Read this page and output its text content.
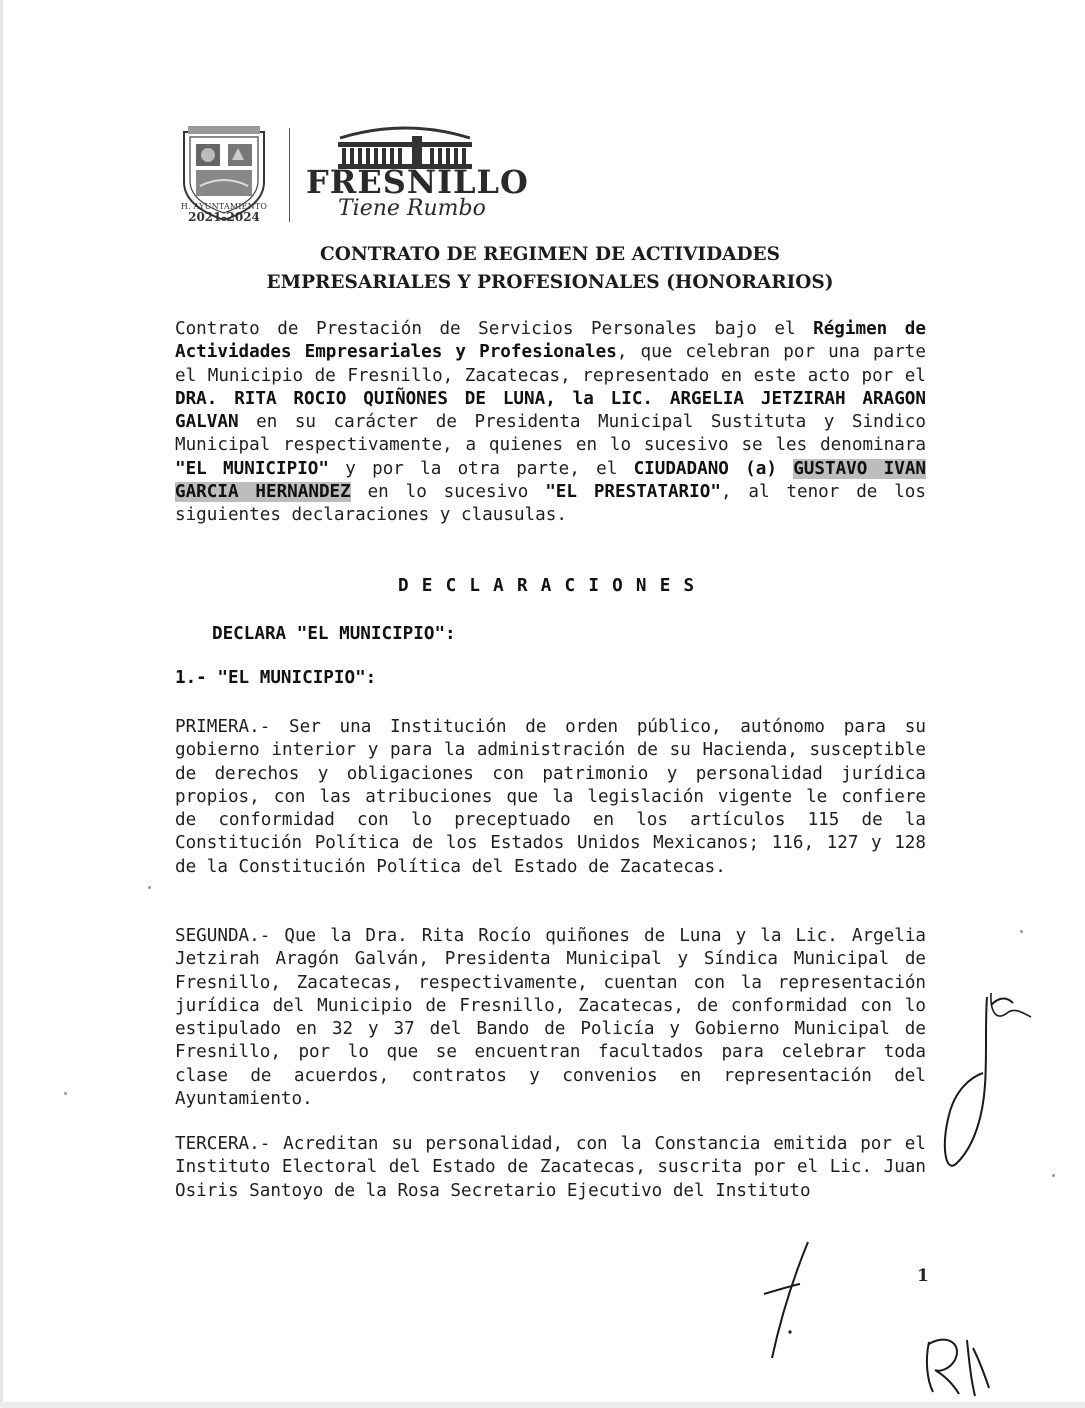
H. AYUNTAMIENTO
2021-2024
FRESNILLO
Tiene Rumbo
CONTRATO DE REGIMEN DE ACTIVIDADES
EMPRESARIALES Y PROFESIONALES (HONORARIOS)
Contrato de Prestación de Servicios Personales bajo el Régimen de Actividades Empresariales y Profesionales, que celebran por una parte el Municipio de Fresnillo, Zacatecas, representado en este acto por el DRA. RITA ROCIO QUIÑONES DE LUNA, la LIC. ARGELIA JETZIRAH ARAGON GALVAN en su carácter de Presidenta Municipal Sustituta y Sindico Municipal respectivamente, a quienes en lo sucesivo se les denominara "EL MUNICIPIO" y por la otra parte, el CIUDADANO (a) GUSTAVO IVAN GARCIA HERNANDEZ en lo sucesivo "EL PRESTATARIO", al tenor de los siguientes declaraciones y clausulas.
DECLARACIONES
DECLARA "EL MUNICIPIO":
1.- "EL MUNICIPIO":
PRIMERA.- Ser una Institución de orden público, autónomo para su gobierno interior y para la administración de su Hacienda, susceptible de derechos y obligaciones con patrimonio y personalidad jurídica propios, con las atribuciones que la legislación vigente le confiere de conformidad con lo preceptuado en los artículos 115 de la Constitución Política de los Estados Unidos Mexicanos; 116, 127 y 128 de la Constitución Política del Estado de Zacatecas.
SEGUNDA.- Que la Dra. Rita Rocío quiñones de Luna y la Lic. Argelia Jetzirah Aragón Galván, Presidenta Municipal y Síndica Municipal de Fresnillo, Zacatecas, respectivamente, cuentan con la representación jurídica del Municipio de Fresnillo, Zacatecas, de conformidad con lo estipulado en 32 y 37 del Bando de Policía y Gobierno Municipal de Fresnillo, por lo que se encuentran facultados para celebrar toda clase de acuerdos, contratos y convenios en representación del Ayuntamiento.
TERCERA.- Acreditan su personalidad, con la Constancia emitida por el Instituto Electoral del Estado de Zacatecas, suscrita por el Lic. Juan Osiris Santoyo de la Rosa Secretario Ejecutivo del Instituto
1
